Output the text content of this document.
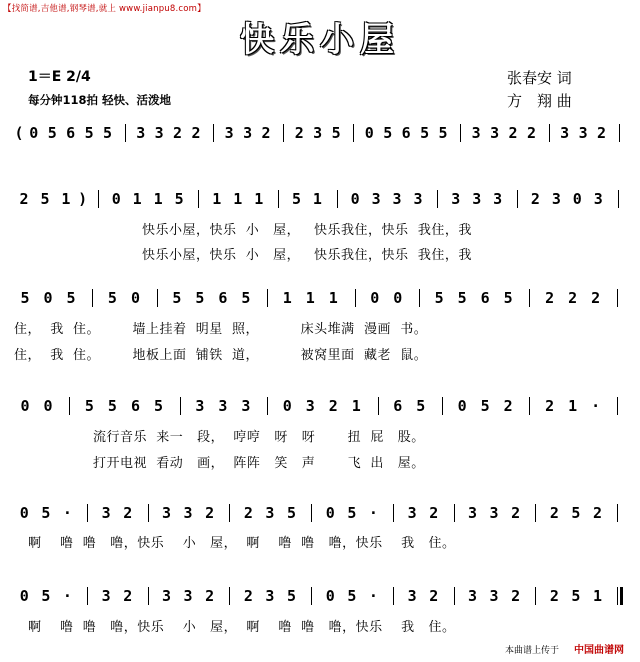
【找简谱,吉他谱,钢琴谱,就上 www.jianpu8.com】
快乐小屋
1＝E 2/4
每分钟118拍 轻快、活泼地
张春安 词
方　翔 曲

( 0 5 6 5 5 3 3 2 2 3 3 2 2 3 5 0 5 6 5 5 3 3 2 2 3 3 2

2 5 1 ) 0 1 1 5 1 1 1 5 1 0 3 3 3 3 3 3 2 3 0 3

快乐小屋，快乐  小   屋，   快乐我住，快乐  我住，我
快乐小屋，快乐  小   屋，   快乐我住，快乐  我住，我

5 0 5 5 0 5 5 6 5 1 1 1 0 0 5 5 6 5 2 2 2

住，  我  住。       墙上挂着  明星  照，         床头堆满  漫画  书。
住，  我  住。       地板上面  铺铁  道，         被窝里面  藏老  鼠。

0 0 5 5 6 5 3 3 3 0 3 2 1 6 5 0 5 2 2 1 ·

流行音乐  来一   段，  哼哼   呀   呀       扭  屁   股。
打开电视  看动   画，  阵阵   笑   声       飞  出   屋。

0 5 · 3 2 3 3 2 2 3 5 0 5 · 3 2 3 3 2 2 5 2

啊    噜  噜   噜，快乐    小   屋，  啊    噜  噜   噜，快乐    我   住。

0 5 · 3 2 3 3 2 2 3 5 0 5 · 3 2 3 3 2 2 5 1

啊    噜  噜   噜，快乐    小   屋，  啊    噜  噜   噜，快乐    我   住。
本曲谱上传于 中国曲谱网
